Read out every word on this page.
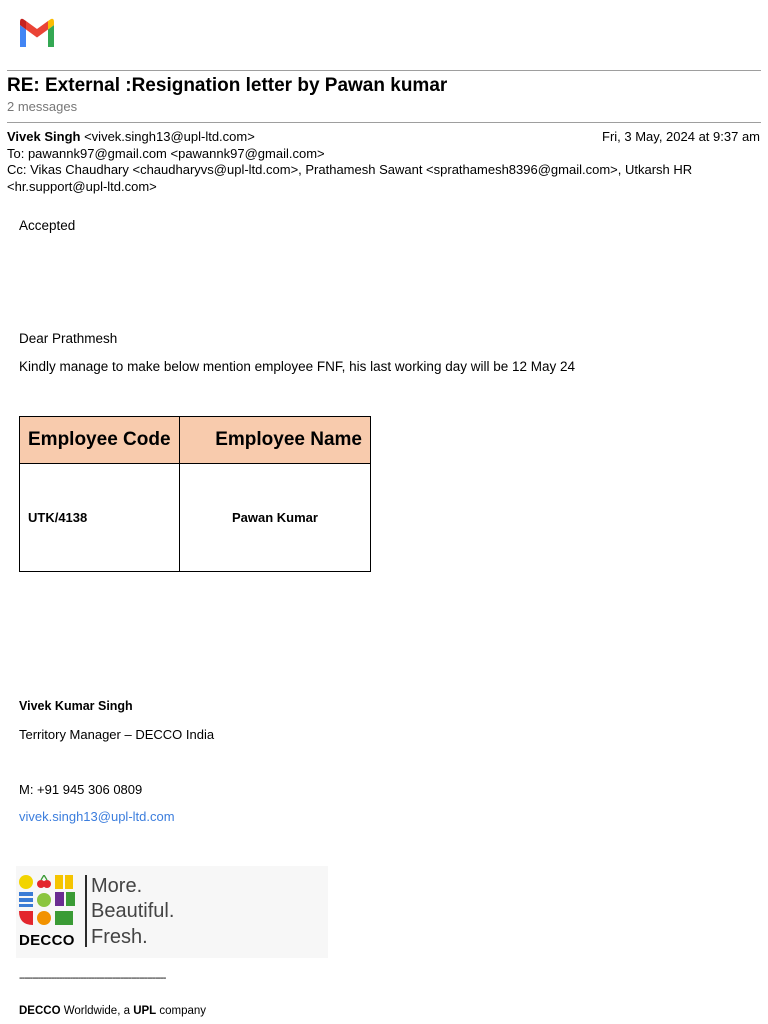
RE: External :Resignation letter by Pawan kumar
2 messages
Vivek Singh <vivek.singh13@upl-ltd.com>	Fri, 3 May, 2024 at 9:37 am
To: pawannk97@gmail.com <pawannk97@gmail.com>
Cc: Vikas Chaudhary <chaudharyvs@upl-ltd.com>, Prathamesh Sawant <sprathamesh8396@gmail.com>, Utkarsh HR
<hr.support@upl-ltd.com>
Accepted
Dear Prathmesh
Kindly manage to make below mention employee FNF, his last working day will be 12 May 24
Employee Code	Employee Name
UTK/4138	Pawan Kumar
Vivek Kumar Singh
Territory Manager – DECCO India
M: +91 945 306 0809
vivek.singh13@upl-ltd.com
DECCO
More.
Beautiful.
Fresh.
-------------------------------------------------------
DECCO Worldwide, a UPL company
